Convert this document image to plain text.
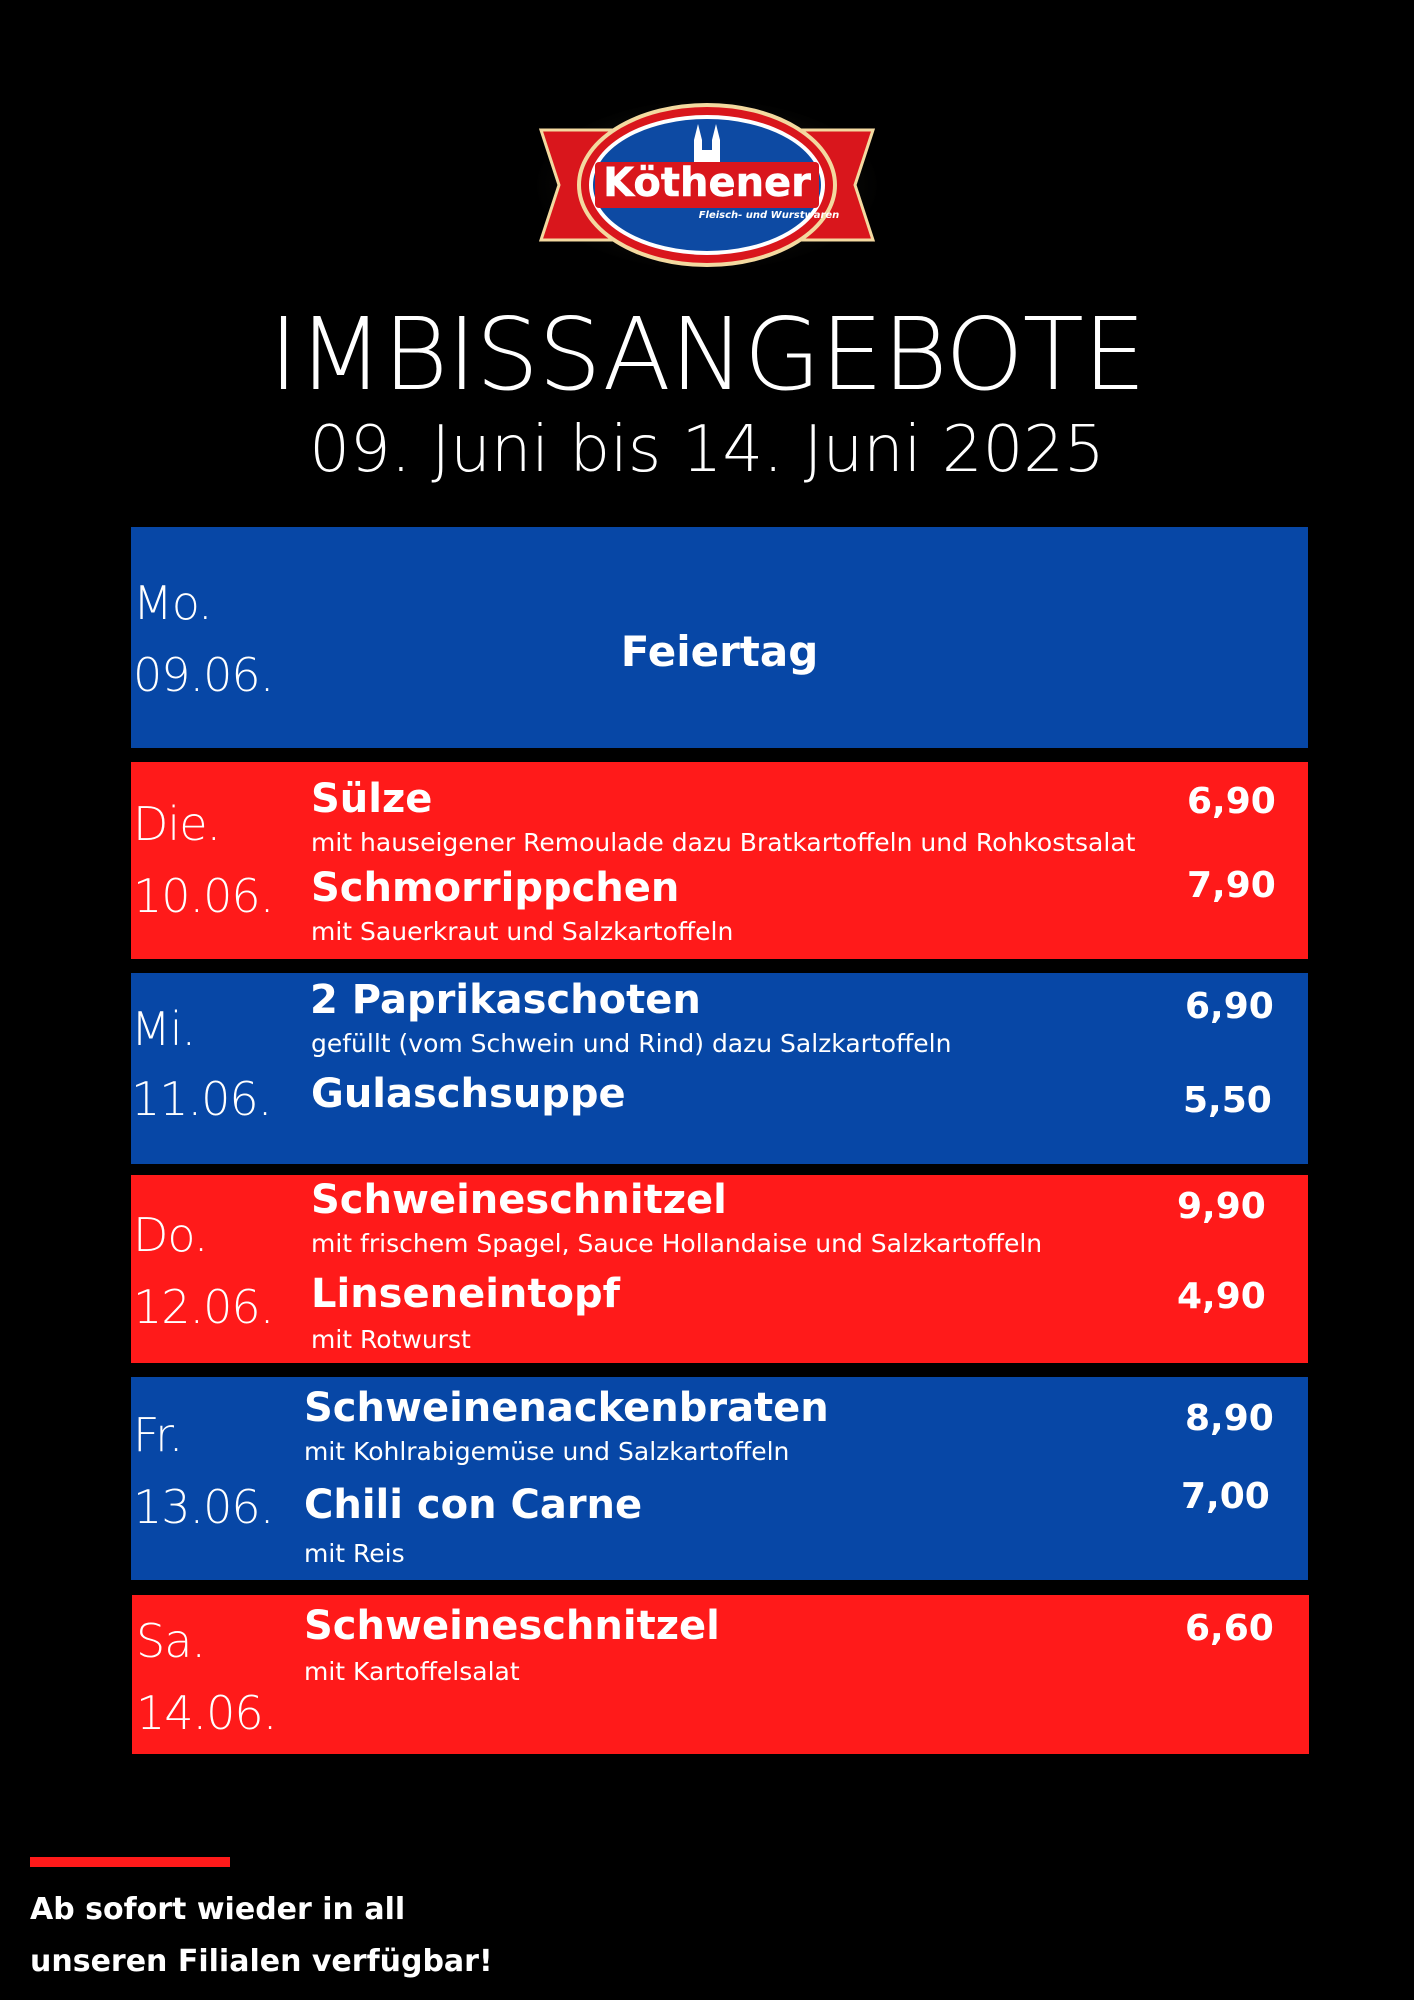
Köthener
Fleisch- und Wurstwaren
IMBISSANGEBOTE
09. Juni bis 14. Juni 2025
Mo.
09.06.	Feiertag
Die.
10.06.
Sülze
mit hauseigener Remoulade dazu Bratkartoffeln und Rohkostsalat
6,90
Schmorrippchen
mit Sauerkraut und Salzkartoffeln
7,90
Mi.
11.06.
2 Paprikaschoten
gefüllt (vom Schwein und Rind) dazu Salzkartoffeln
6,90
Gulaschsuppe	5,50
Do.
12.06.
Schweineschnitzel
mit frischem Spagel, Sauce Hollandaise und Salzkartoffeln
9,90
Linseneintopf
mit Rotwurst
4,90
Fr.
13.06.
Schweinenackenbraten
mit Kohlrabigemüse und Salzkartoffeln
8,90
Chili con Carne
mit Reis
7,00
Sa.
14.06.
Schweineschnitzel
mit Kartoffelsalat
6,60
Ab sofort wieder in all
unseren Filialen verfügbar!
